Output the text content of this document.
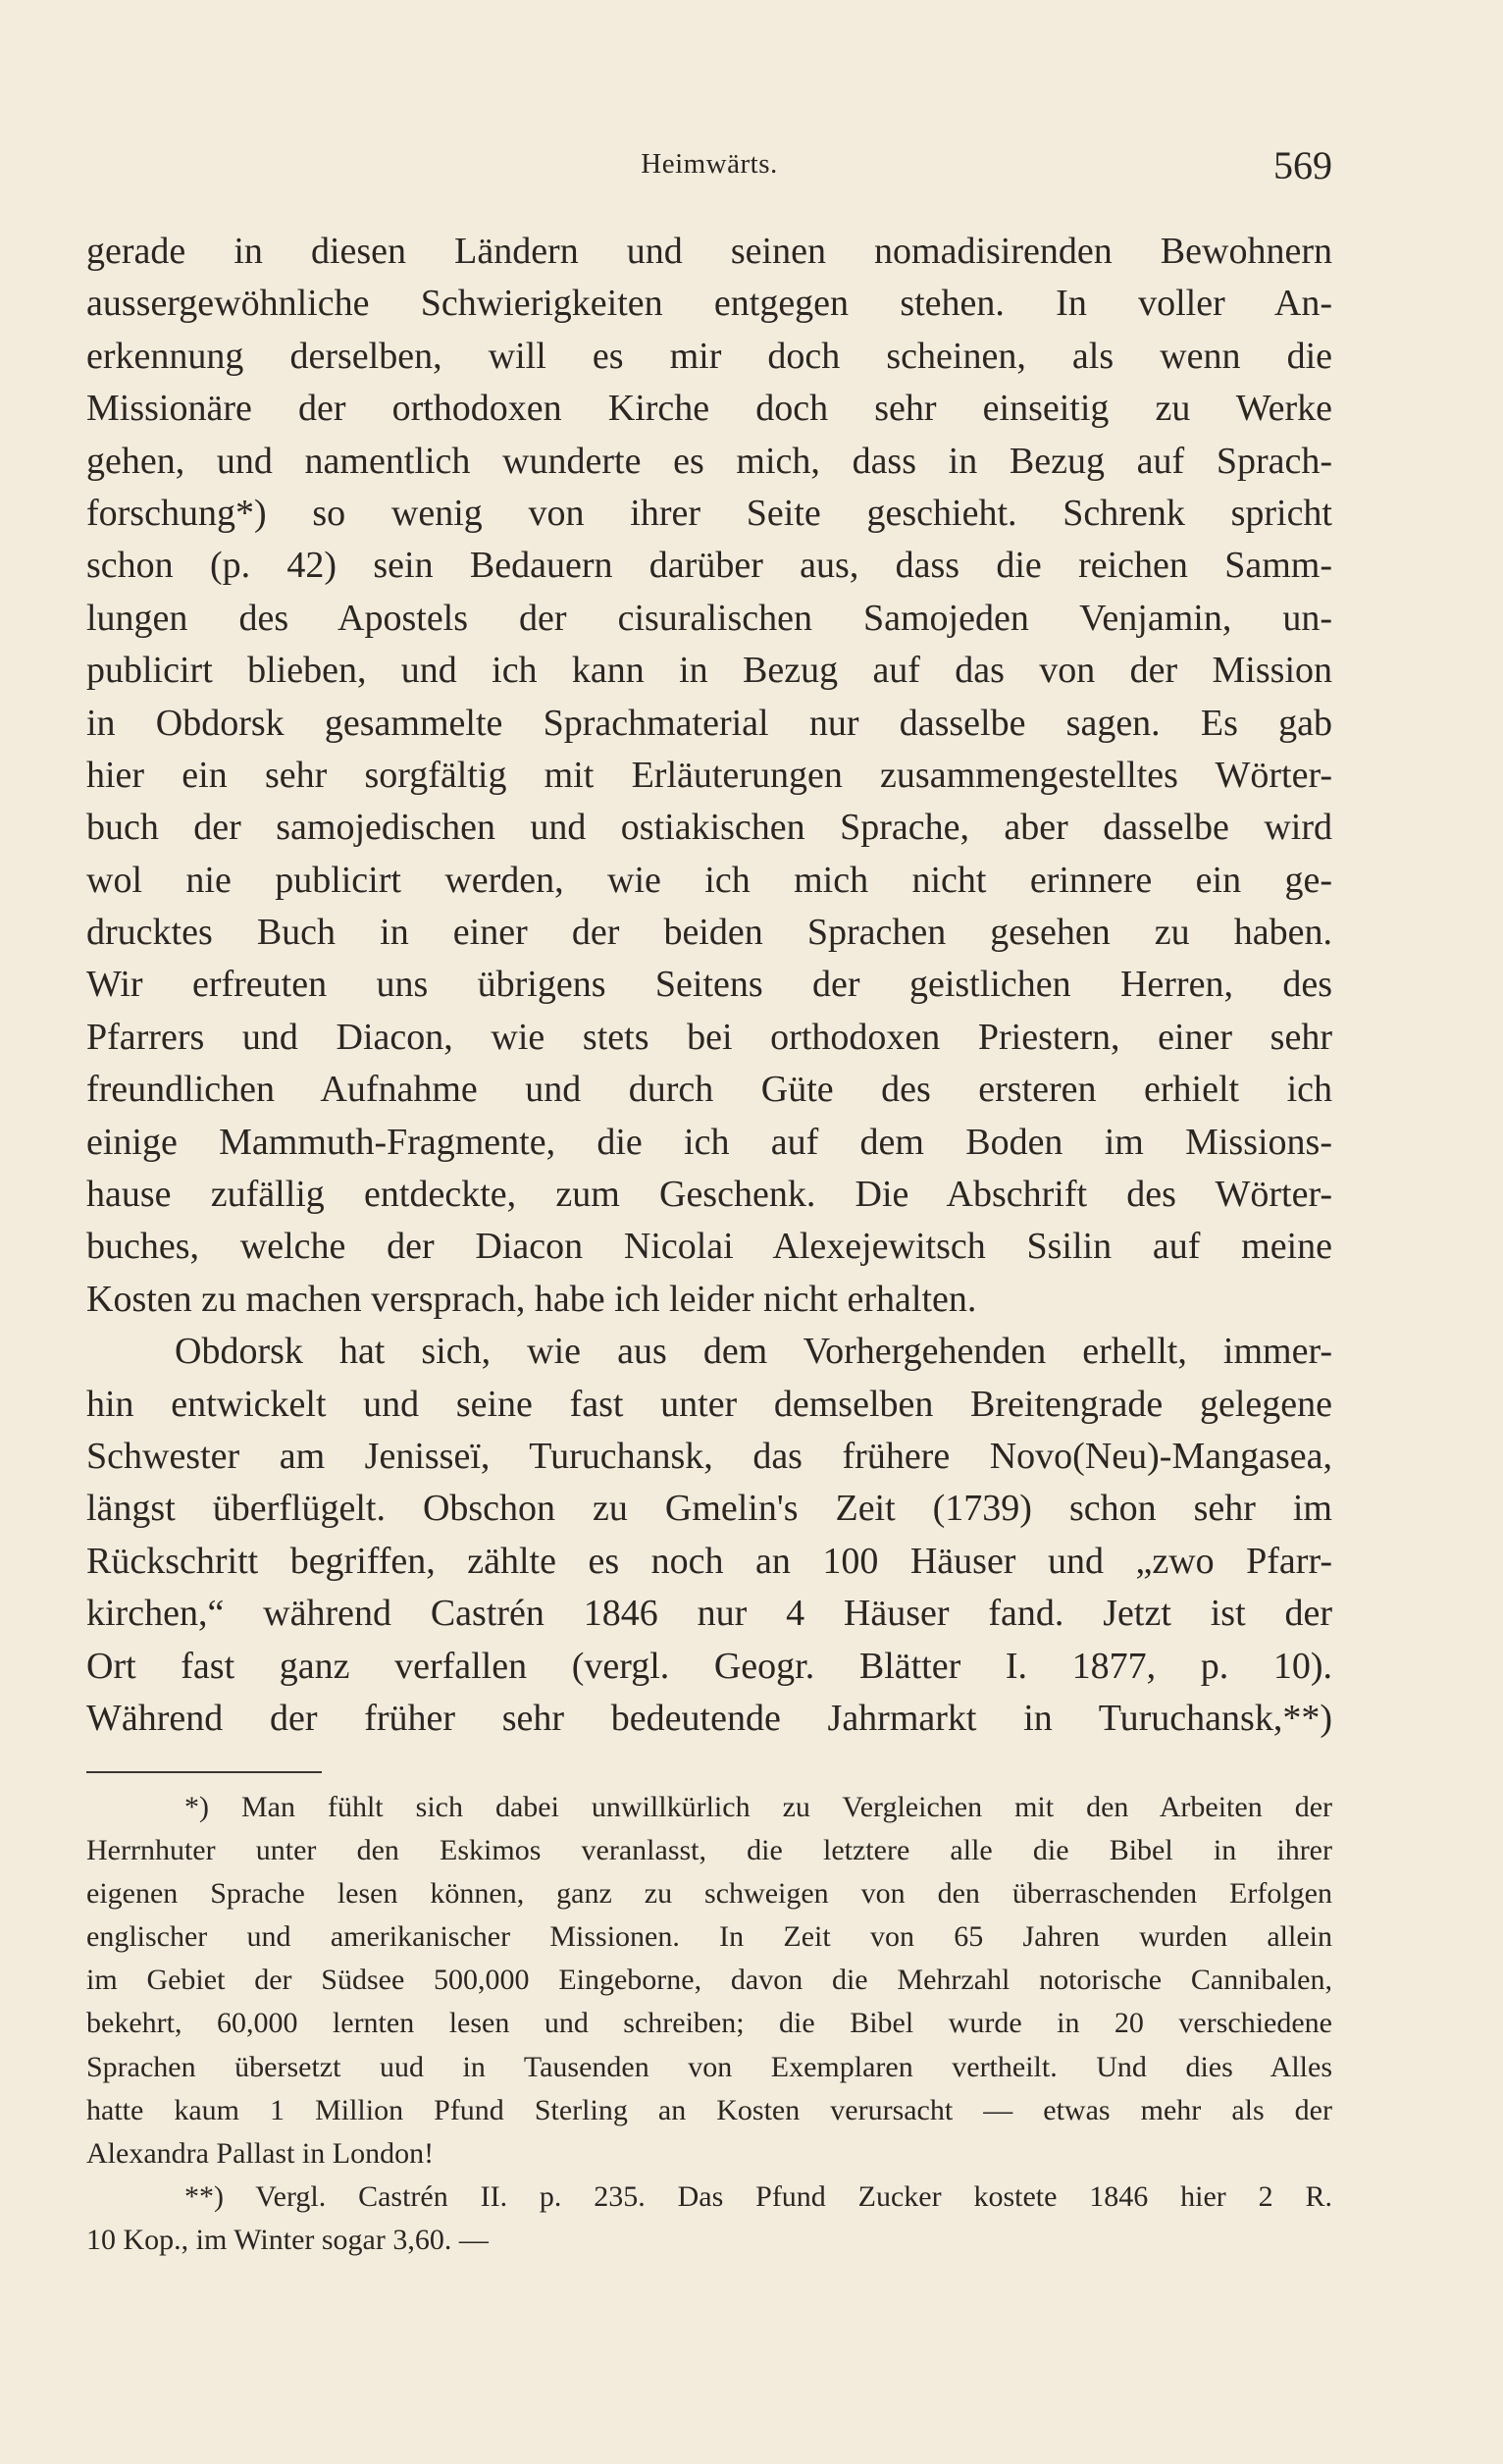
Heimwärts.	569
gerade in diesen Ländern und seinen nomadisirenden Bewohnern
aussergewöhnliche Schwierigkeiten entgegen stehen. In voller An-
erkennung derselben, will es mir doch scheinen, als wenn die
Missionäre der orthodoxen Kirche doch sehr einseitig zu Werke
gehen, und namentlich wunderte es mich, dass in Bezug auf Sprach-
forschung*) so wenig von ihrer Seite geschieht. Schrenk spricht
schon (p. 42) sein Bedauern darüber aus, dass die reichen Samm-
lungen des Apostels der cisuralischen Samojeden Venjamin, un-
publicirt blieben, und ich kann in Bezug auf das von der Mission
in Obdorsk gesammelte Sprachmaterial nur dasselbe sagen. Es gab
hier ein sehr sorgfältig mit Erläuterungen zusammengestelltes Wörter-
buch der samojedischen und ostiakischen Sprache, aber dasselbe wird
wol nie publicirt werden, wie ich mich nicht erinnere ein ge-
drucktes Buch in einer der beiden Sprachen gesehen zu haben.
Wir erfreuten uns übrigens Seitens der geistlichen Herren, des
Pfarrers und Diacon, wie stets bei orthodoxen Priestern, einer sehr
freundlichen Aufnahme und durch Güte des ersteren erhielt ich
einige Mammuth-Fragmente, die ich auf dem Boden im Missions-
hause zufällig entdeckte, zum Geschenk. Die Abschrift des Wörter-
buches, welche der Diacon Nicolai Alexejewitsch Ssilin auf meine
Kosten zu machen versprach, habe ich leider nicht erhalten.
Obdorsk hat sich, wie aus dem Vorhergehenden erhellt, immer-
hin entwickelt und seine fast unter demselben Breitengrade gelegene
Schwester am Jenisseï, Turuchansk, das frühere Novo(Neu)-Mangasea,
längst überflügelt. Obschon zu Gmelin's Zeit (1739) schon sehr im
Rückschritt begriffen, zählte es noch an 100 Häuser und „zwo Pfarr-
kirchen,“ während Castrén 1846 nur 4 Häuser fand. Jetzt ist der
Ort fast ganz verfallen (vergl. Geogr. Blätter I. 1877, p. 10).
Während der früher sehr bedeutende Jahrmarkt in Turuchansk,**)
*) Man fühlt sich dabei unwillkürlich zu Vergleichen mit den Arbeiten der
Herrnhuter unter den Eskimos veranlasst, die letztere alle die Bibel in ihrer
eigenen Sprache lesen können, ganz zu schweigen von den überraschenden Erfolgen
englischer und amerikanischer Missionen. In Zeit von 65 Jahren wurden allein
im Gebiet der Südsee 500,000 Eingeborne, davon die Mehrzahl notorische Cannibalen,
bekehrt, 60,000 lernten lesen und schreiben; die Bibel wurde in 20 verschiedene
Sprachen übersetzt uud in Tausenden von Exemplaren vertheilt. Und dies Alles
hatte kaum 1 Million Pfund Sterling an Kosten verursacht — etwas mehr als der
Alexandra Pallast in London!
**) Vergl. Castrén II. p. 235. Das Pfund Zucker kostete 1846 hier 2 R.
10 Kop., im Winter sogar 3,60. —
